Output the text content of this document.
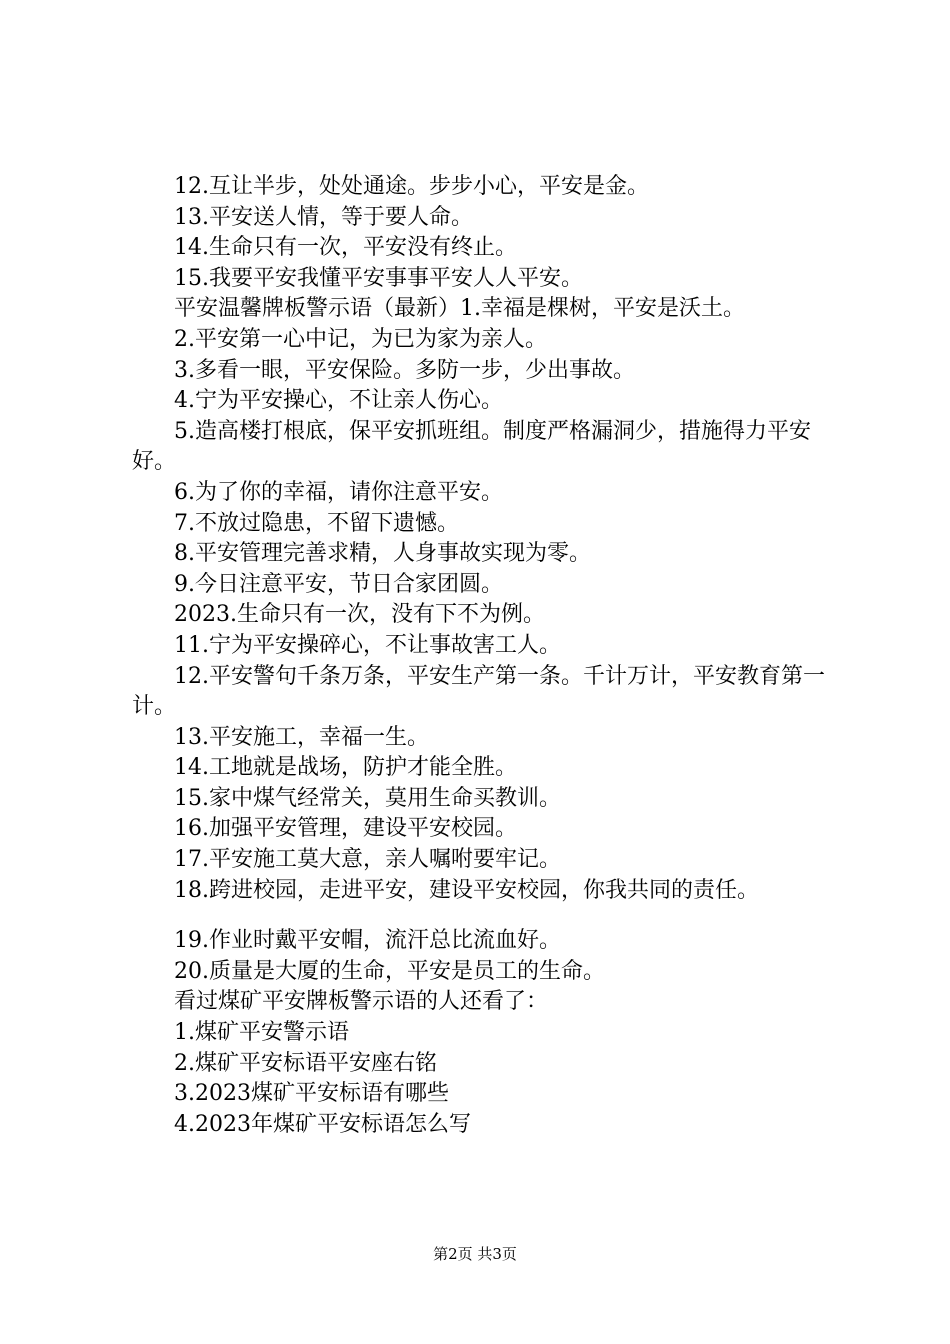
12.互让半步，处处通途。步步小心，平安是金。
13.平安送人情，等于要人命。
14.生命只有一次，平安没有终止。
15.我要平安我懂平安事事平安人人平安。
平安温馨牌板警示语（最新）1.幸福是棵树，平安是沃土。
2.平安第一心中记，为已为家为亲人。
3.多看一眼，平安保险。多防一步，少出事故。
4.宁为平安操心，不让亲人伤心。
5.造高楼打根底，保平安抓班组。制度严格漏洞少，措施得力平安好。
6.为了你的幸福，请你注意平安。
7.不放过隐患，不留下遗憾。
8.平安管理完善求精，人身事故实现为零。
9.今日注意平安，节日合家团圆。
2023.生命只有一次，没有下不为例。
11.宁为平安操碎心，不让事故害工人。
12.平安警句千条万条，平安生产第一条。千计万计，平安教育第一计。
13.平安施工，幸福一生。
14.工地就是战场，防护才能全胜。
15.家中煤气经常关，莫用生命买教训。
16.加强平安管理，建设平安校园。
17.平安施工莫大意，亲人嘱咐要牢记。
18.跨进校园，走进平安，建设平安校园，你我共同的责任。
19.作业时戴平安帽，流汗总比流血好。
20.质量是大厦的生命，平安是员工的生命。
看过煤矿平安牌板警示语的人还看了：
1.煤矿平安警示语
2.煤矿平安标语平安座右铭
3.2023煤矿平安标语有哪些
4.2023年煤矿平安标语怎么写
第2页 共3页
